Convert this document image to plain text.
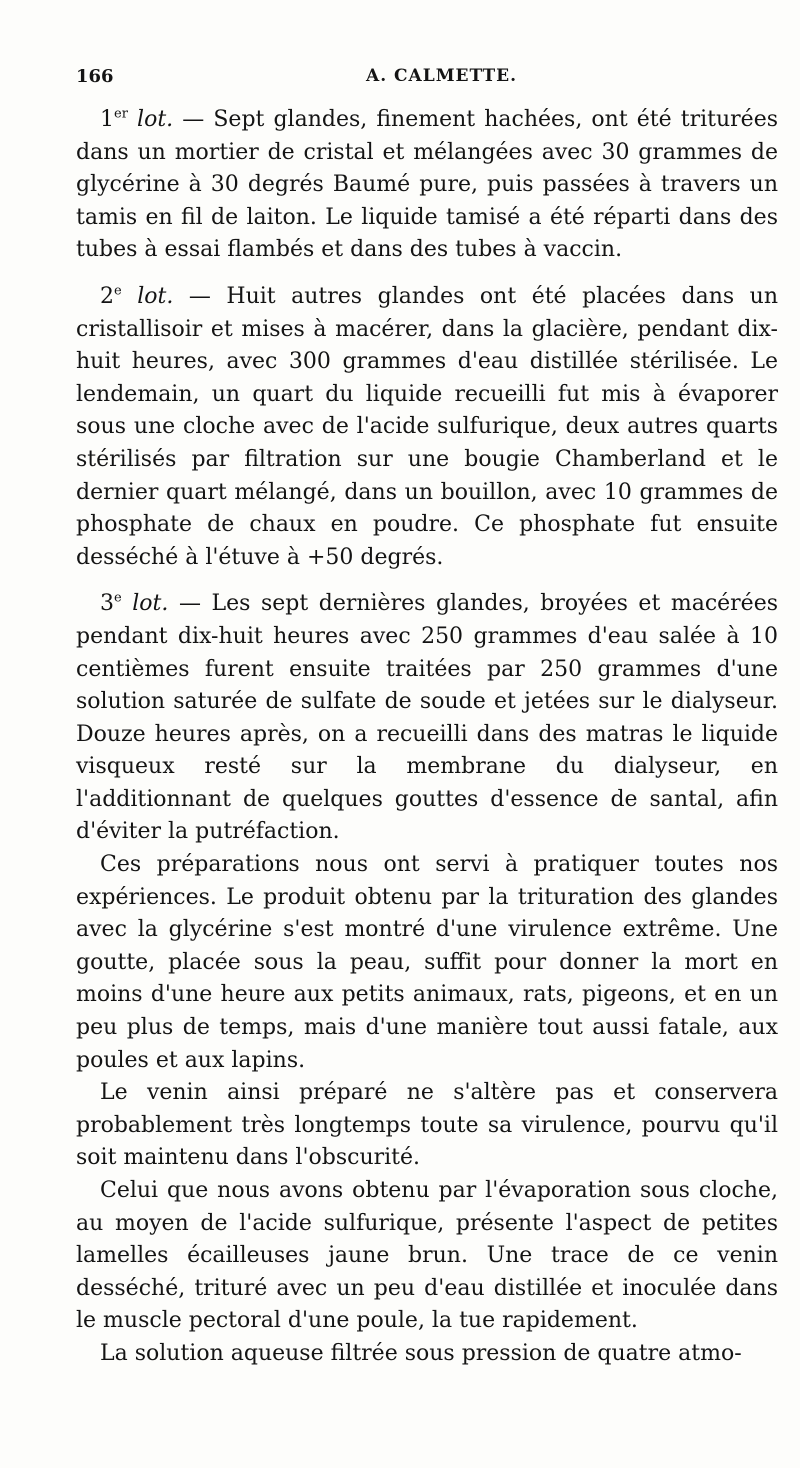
166	A. CALMETTE.

1er lot. — Sept glandes, finement hachées, ont été triturées dans un mortier de cristal et mélangées avec 30 grammes de glycérine à 30 degrés Baumé pure, puis passées à travers un tamis en fil de laiton. Le liquide tamisé a été réparti dans des tubes à essai flambés et dans des tubes à vaccin.

2e lot. — Huit autres glandes ont été placées dans un cristallisoir et mises à macérer, dans la glacière, pendant dix-huit heures, avec 300 grammes d'eau distillée stérilisée. Le lendemain, un quart du liquide recueilli fut mis à évaporer sous une cloche avec de l'acide sulfurique, deux autres quarts stérilisés par filtration sur une bougie Chamberland et le dernier quart mélangé, dans un bouillon, avec 10 grammes de phosphate de chaux en poudre. Ce phosphate fut ensuite desséché à l'étuve à +50 degrés.

3e lot. — Les sept dernières glandes, broyées et macérées pendant dix-huit heures avec 250 grammes d'eau salée à 10 centièmes furent ensuite traitées par 250 grammes d'une solution saturée de sulfate de soude et jetées sur le dialyseur. Douze heures après, on a recueilli dans des matras le liquide visqueux resté sur la membrane du dialyseur, en l'additionnant de quelques gouttes d'essence de santal, afin d'éviter la putréfaction.

Ces préparations nous ont servi à pratiquer toutes nos expériences. Le produit obtenu par la trituration des glandes avec la glycérine s'est montré d'une virulence extrême. Une goutte, placée sous la peau, suffit pour donner la mort en moins d'une heure aux petits animaux, rats, pigeons, et en un peu plus de temps, mais d'une manière tout aussi fatale, aux poules et aux lapins.

Le venin ainsi préparé ne s'altère pas et conservera probablement très longtemps toute sa virulence, pourvu qu'il soit maintenu dans l'obscurité.

Celui que nous avons obtenu par l'évaporation sous cloche, au moyen de l'acide sulfurique, présente l'aspect de petites lamelles écailleuses jaune brun. Une trace de ce venin desséché, trituré avec un peu d'eau distillée et inoculée dans le muscle pectoral d'une poule, la tue rapidement.

La solution aqueuse filtrée sous pression de quatre atmo-
